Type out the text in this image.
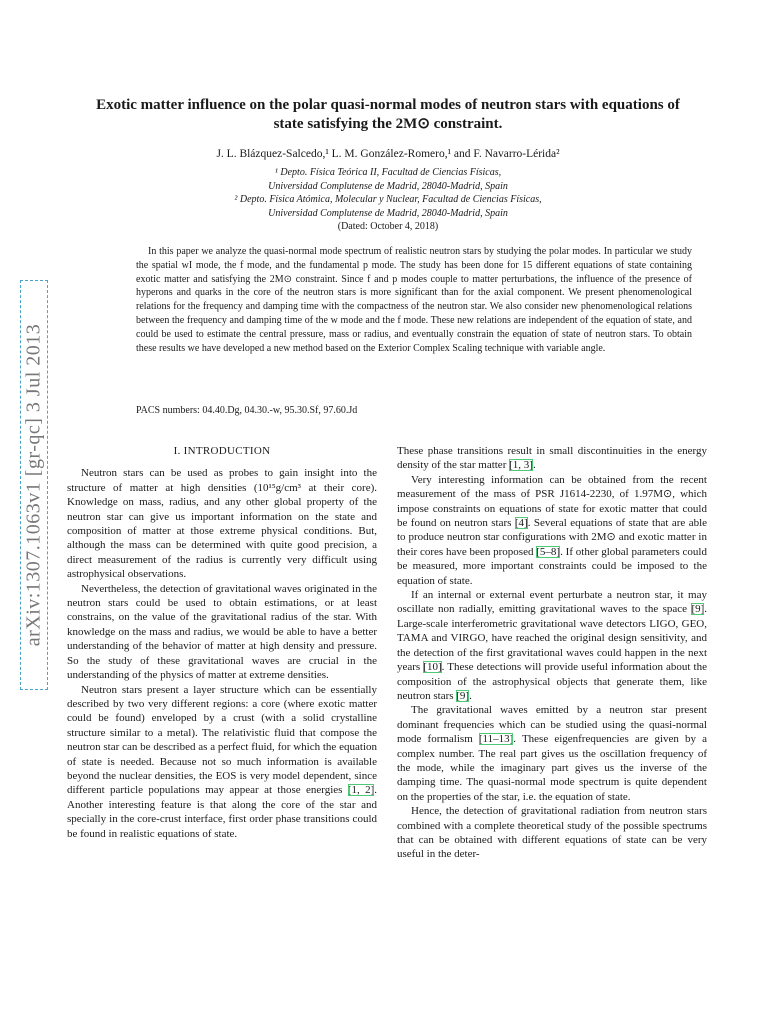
arXiv:1307.1063v1 [gr-qc] 3 Jul 2013
Exotic matter influence on the polar quasi-normal modes of neutron stars with equations of state satisfying the 2M⊙ constraint.
J. L. Blázquez-Salcedo,¹ L. M. González-Romero,¹ and F. Navarro-Lérida²
¹ Depto. Física Teórica II, Facultad de Ciencias Físicas,
Universidad Complutense de Madrid, 28040-Madrid, Spain
² Depto. Física Atómica, Molecular y Nuclear, Facultad de Ciencias Físicas,
Universidad Complutense de Madrid, 28040-Madrid, Spain
(Dated: October 4, 2018)
In this paper we analyze the quasi-normal mode spectrum of realistic neutron stars by studying the polar modes. In particular we study the spatial wI mode, the f mode, and the fundamental p mode. The study has been done for 15 different equations of state containing exotic matter and satisfying the 2M⊙ constraint. Since f and p modes couple to matter perturbations, the influence of the presence of hyperons and quarks in the core of the neutron stars is more significant than for the axial component. We present phenomenological relations for the frequency and damping time with the compactness of the neutron star. We also consider new phenomenological relations between the frequency and damping time of the w mode and the f mode. These new relations are independent of the equation of state, and could be used to estimate the central pressure, mass or radius, and eventually constrain the equation of state of neutron stars. To obtain these results we have developed a new method based on the Exterior Complex Scaling technique with variable angle.
PACS numbers: 04.40.Dg, 04.30.-w, 95.30.Sf, 97.60.Jd
I. INTRODUCTION

Neutron stars can be used as probes to gain insight into the structure of matter at high densities (10¹⁵g/cm³ at their core). Knowledge on mass, radius, and any other global property of the neutron star can give us important information on the state and composition of matter at those extreme physical conditions. But, although the mass can be determined with quite good precision, a direct measurement of the radius is currently very difficult using astrophysical observations.

Nevertheless, the detection of gravitational waves originated in the neutron stars could be used to obtain estimations, or at least constrains, on the value of the gravitational radius of the star. With knowledge on the mass and radius, we would be able to have a better understanding of the behavior of matter at high density and pressure. So the study of these gravitational waves are crucial in the understanding of the physics of matter at extreme densities.

Neutron stars present a layer structure which can be essentially described by two very different regions: a core (where exotic matter could be found) enveloped by a crust (with a solid crystalline structure similar to a metal). The relativistic fluid that compose the neutron star can be described as a perfect fluid, for which the equation of state is needed. Because not so much information is available beyond the nuclear densities, the EOS is very model dependent, since different particle populations may appear at those energies [1, 2]. Another interesting feature is that along the core of the star and specially in the core-crust interface, first order phase transitions could be found in realistic equations of state.

These phase transitions result in small discontinuities in the energy density of the star matter [1, 3].

Very interesting information can be obtained from the recent measurement of the mass of PSR J1614-2230, of 1.97M⊙, which impose constraints on equations of state for exotic matter that could be found on neutron stars [4]. Several equations of state that are able to produce neutron star configurations with 2M⊙ and exotic matter in their cores have been proposed [5–8]. If other global parameters could be measured, more important constraints could be imposed to the equation of state.

If an internal or external event perturbate a neutron star, it may oscillate non radially, emitting gravitational waves to the space [9]. Large-scale interferometric gravitational wave detectors LIGO, GEO, TAMA and VIRGO, have reached the original design sensitivity, and the detection of the first gravitational waves could happen in the next years [10]. These detections will provide useful information about the composition of the astrophysical objects that generate them, like neutron stars [9].

The gravitational waves emitted by a neutron star present dominant frequencies which can be studied using the quasi-normal mode formalism [11–13]. These eigenfrequencies are given by a complex number. The real part gives us the oscillation frequency of the mode, while the imaginary part gives us the inverse of the damping time. The quasi-normal mode spectrum is quite dependent on the properties of the star, i.e. the equation of state.

Hence, the detection of gravitational radiation from neutron stars combined with a complete theoretical study of the possible spectrums that can be obtained with different equations of state can be very useful in the deter-
